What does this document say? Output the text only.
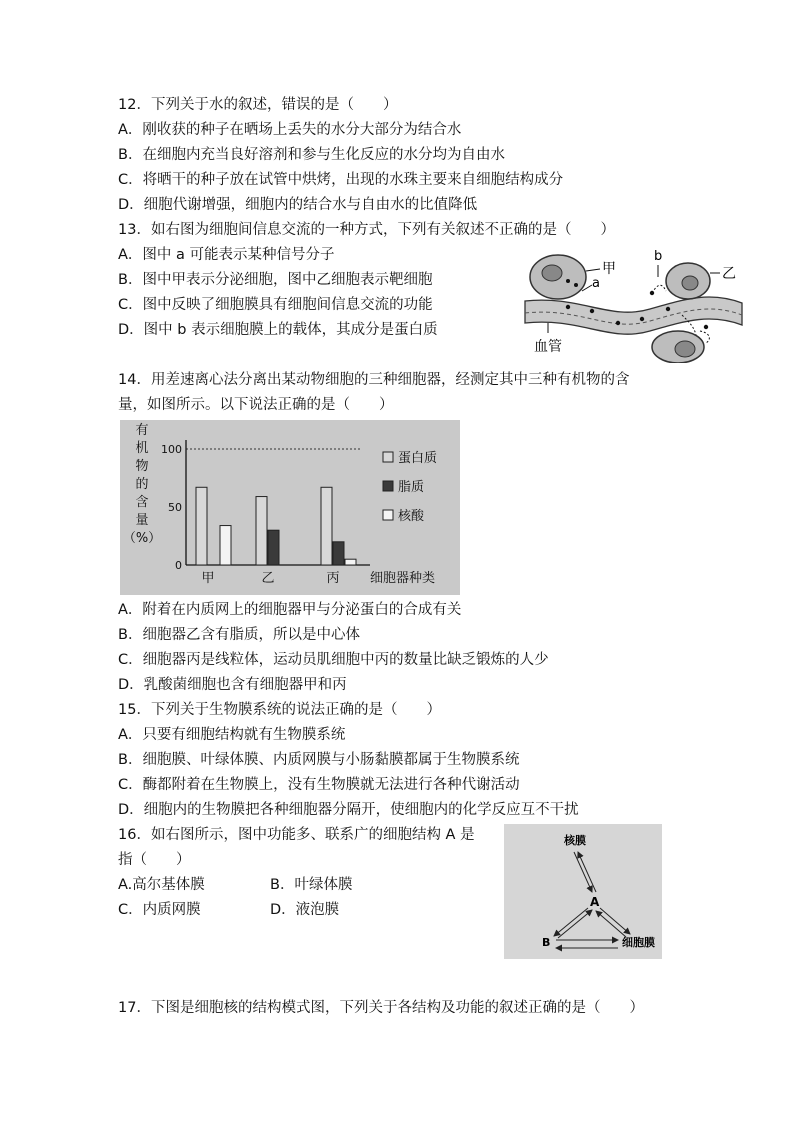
12．下列关于水的叙述，错误的是（　　）
A．刚收获的种子在晒场上丢失的水分大部分为结合水
B．在细胞内充当良好溶剂和参与生化反应的水分均为自由水
C．将晒干的种子放在试管中烘烤，出现的水珠主要来自细胞结构成分
D．细胞代谢增强，细胞内的结合水与自由水的比值降低
13．如右图为细胞间信息交流的一种方式，下列有关叙述不正确的是（　　）
A．图中 a 可能表示某种信号分子
B．图中甲表示分泌细胞，图中乙细胞表示靶细胞
C．图中反映了细胞膜具有细胞间信息交流的功能
D．图中 b 表示细胞膜上的载体，其成分是蛋白质
甲
a
b
乙
血管
14．用差速离心法分离出某动物细胞的三种细胞器，经测定其中三种有机物的含
量，如图所示。以下说法正确的是（　　）
有
机
物
的
含
量
（%）
100
50
0
甲	乙	丙 细胞器种类
蛋白质
脂质
核酸
A．附着在内质网上的细胞器甲与分泌蛋白的合成有关
B．细胞器乙含有脂质，所以是中心体
C．细胞器丙是线粒体，运动员肌细胞中丙的数量比缺乏锻炼的人少
D．乳酸菌细胞也含有细胞器甲和丙
15．下列关于生物膜系统的说法正确的是（　　）
A．只要有细胞结构就有生物膜系统
B．细胞膜、叶绿体膜、内质网膜与小肠黏膜都属于生物膜系统
C．酶都附着在生物膜上，没有生物膜就无法进行各种代谢活动
D．细胞内的生物膜把各种细胞器分隔开，使细胞内的化学反应互不干扰
16．如右图所示，图中功能多、联系广的细胞结构 A 是
指（　　）
A.高尔基体膜	B．叶绿体膜
C．内质网膜	D．液泡膜
核膜
A
B	细胞膜
17．下图是细胞核的结构模式图，下列关于各结构及功能的叙述正确的是（　　）
